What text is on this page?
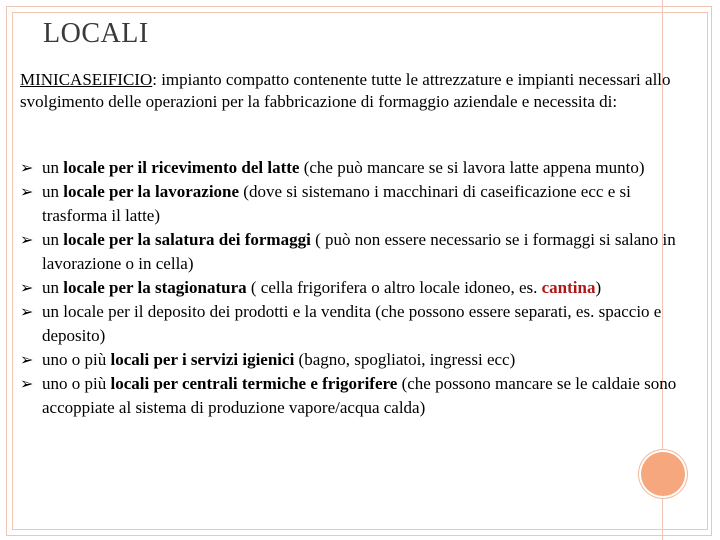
LOCALI
MINICASEIFICIO: impianto compatto contenente tutte le attrezzature e impianti necessari allo svolgimento delle operazioni per la fabbricazione di formaggio aziendale e necessita di:
➢ un locale per il ricevimento del latte (che può mancare se si lavora latte appena munto)
➢ un locale per la lavorazione (dove si sistemano i macchinari di caseificazione ecc e si trasforma il latte)
➢ un locale per la salatura dei formaggi ( può non essere necessario se i formaggi si salano in lavorazione o in cella)
➢ un locale per la stagionatura ( cella frigorifera o altro locale idoneo, es. cantina)
➢ un locale per il deposito dei prodotti e la vendita (che possono essere separati, es. spaccio e deposito)
➢ uno o più locali per i servizi igienici (bagno, spogliatoi, ingressi ecc)
➢ uno o più locali per centrali termiche e frigorifere (che possono mancare se le caldaie sono accoppiate al sistema di produzione vapore/acqua calda)
